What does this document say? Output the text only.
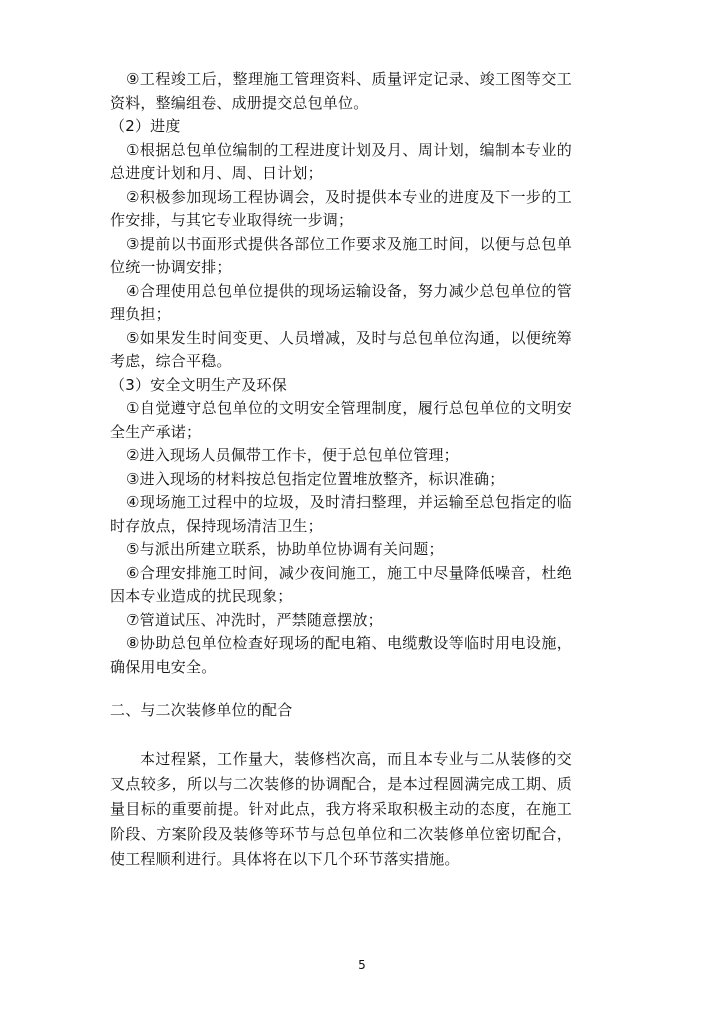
⑨工程竣工后，整理施工管理资料、质量评定记录、竣工图等交工资料，整编组卷、成册提交总包单位。

（2）进度

①根据总包单位编制的工程进度计划及月、周计划，编制本专业的总进度计划和月、周、日计划；

②积极参加现场工程协调会，及时提供本专业的进度及下一步的工作安排，与其它专业取得统一步调；

③提前以书面形式提供各部位工作要求及施工时间，以便与总包单位统一协调安排；

④合理使用总包单位提供的现场运输设备，努力减少总包单位的管理负担；

⑤如果发生时间变更、人员增减，及时与总包单位沟通，以便统筹考虑，综合平稳。

（3）安全文明生产及环保

①自觉遵守总包单位的文明安全管理制度，履行总包单位的文明安全生产承诺；

②进入现场人员佩带工作卡，便于总包单位管理；

③进入现场的材料按总包指定位置堆放整齐，标识准确；

④现场施工过程中的垃圾，及时清扫整理，并运输至总包指定的临时存放点，保持现场清洁卫生；

⑤与派出所建立联系，协助单位协调有关问题；

⑥合理安排施工时间，减少夜间施工，施工中尽量降低噪音，杜绝因本专业造成的扰民现象；

⑦管道试压、冲洗时，严禁随意摆放；

⑧协助总包单位检查好现场的配电箱、电缆敷设等临时用电设施，确保用电安全。

二、与二次装修单位的配合

本过程紧，工作量大，装修档次高，而且本专业与二从装修的交叉点较多，所以与二次装修的协调配合，是本过程圆满完成工期、质量目标的重要前提。针对此点，我方将采取积极主动的态度，在施工阶段、方案阶段及装修等环节与总包单位和二次装修单位密切配合，使工程顺利进行。具体将在以下几个环节落实措施。

5
